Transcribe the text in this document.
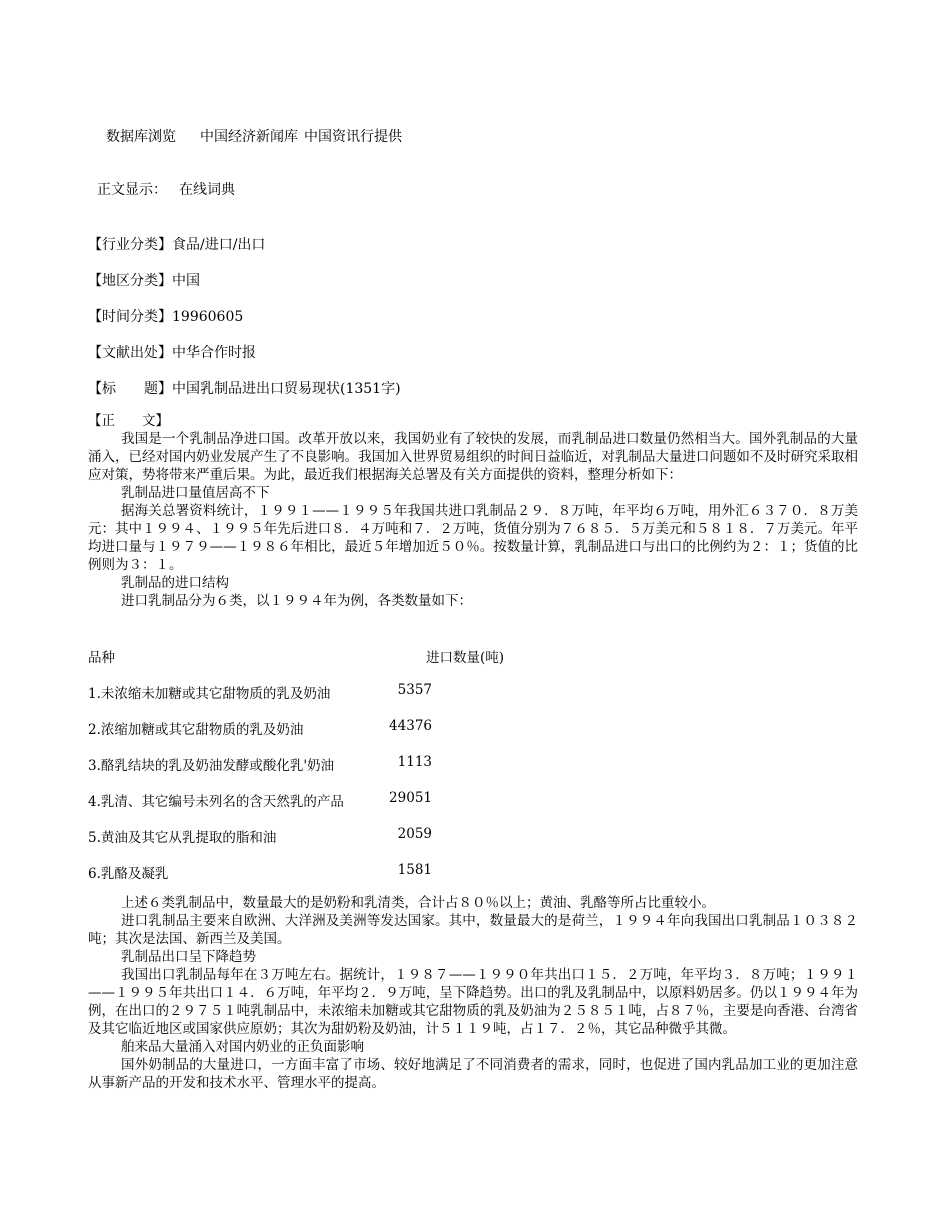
数据库浏览 中国经济新闻库 中国资讯行提供
正文显示： 在线词典
【行业分类】食品/进口/出口
【地区分类】中国
【时间分类】19960605
【文献出处】中华合作时报
【标　　题】中国乳制品进出口贸易现状(1351字)
【正　　文】

我国是一个乳制品净进口国。改革开放以来，我国奶业有了较快的发展，而乳制品进口数量仍然相当大。国外乳制品的大量涌入，已经对国内奶业发展产生了不良影响。我国加入世界贸易组织的时间日益临近，对乳制品大量进口问题如不及时研究采取相应对策，势将带来严重后果。为此，最近我们根据海关总署及有关方面提供的资料，整理分析如下：

乳制品进口量值居高不下

据海关总署资料统计，１９９１——１９９５年我国共进口乳制品２９．８万吨，年平均６万吨，用外汇６３７０．８万美元：其中１９９４、１９９５年先后进口８．４万吨和７．２万吨，货值分别为７６８５．５万美元和５８１８．７万美元。年平均进口量与１９７９——１９８６年相比，最近５年增加近５０％。按数量计算，乳制品进口与出口的比例约为２：１；货值的比例则为３：１。

乳制品的进口结构

进口乳制品分为６类，以１９９４年为例，各类数量如下：

品种	进口数量(吨)
1.未浓缩未加糖或其它甜物质的乳及奶油	5357
2.浓缩加糖或其它甜物质的乳及奶油	44376
3.酪乳结块的乳及奶油发酵或酸化乳'奶油	1113
4.乳清、其它编号未列名的含天然乳的产品	29051
5.黄油及其它从乳提取的脂和油	2059
6.乳酪及凝乳	1581

上述６类乳制品中，数量最大的是奶粉和乳清类，合计占８０％以上；黄油、乳酪等所占比重较小。

进口乳制品主要来自欧洲、大洋洲及美洲等发达国家。其中，数量最大的是荷兰，１９９４年向我国出口乳制品１０３８２吨；其次是法国、新西兰及美国。

乳制品出口呈下降趋势

我国出口乳制品每年在３万吨左右。据统计，１９８７——１９９０年共出口１５．２万吨，年平均３．８万吨；１９９１——１９９５年共出口１４．６万吨，年平均２．９万吨，呈下降趋势。出口的乳及乳制品中，以原料奶居多。仍以１９９４年为例，在出口的２９７５１吨乳制品中，未浓缩未加糖或其它甜物质的乳及奶油为２５８５１吨，占８７％，主要是向香港、台湾省及其它临近地区或国家供应原奶；其次为甜奶粉及奶油，计５１１９吨，占１７．２％，其它品种微乎其微。

舶来品大量涌入对国内奶业的正负面影响

国外奶制品的大量进口，一方面丰富了市场、较好地满足了不同消费者的需求，同时，也促进了国内乳品加工业的更加注意从事新产品的开发和技术水平、管理水平的提高。
